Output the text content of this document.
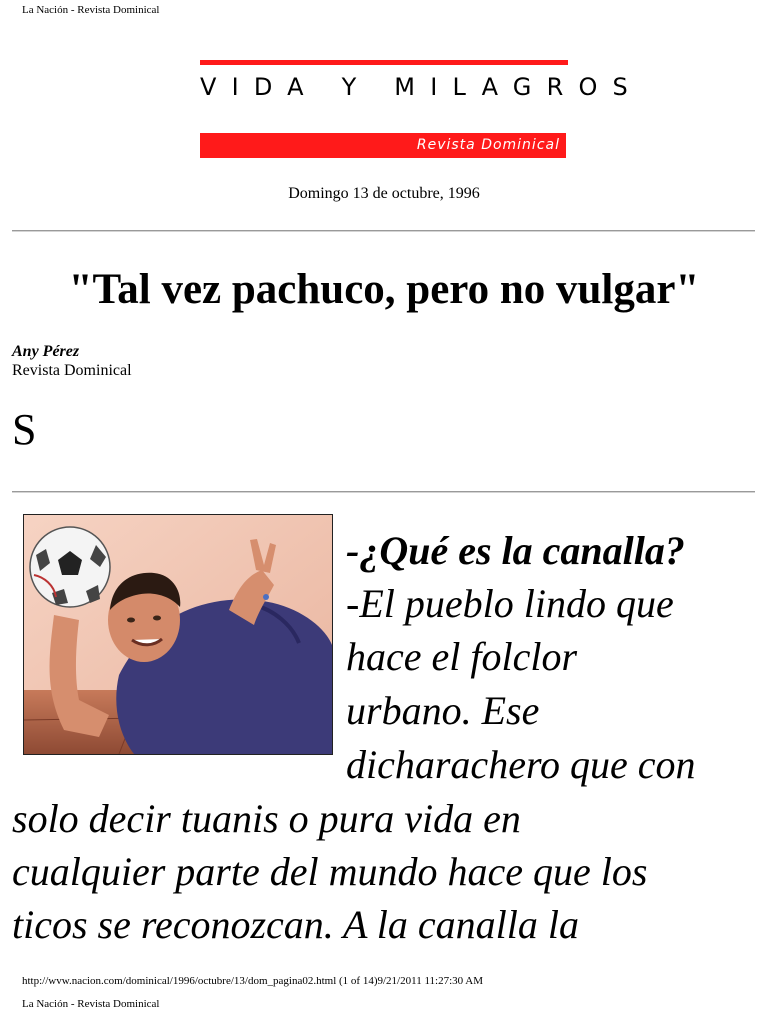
La Nación - Revista Dominical
VIDA Y MILAGROS
Revista Dominical
Domingo 13 de octubre, 1996
"Tal vez pachuco, pero no vulgar"
Any Pérez
Revista Dominical
S
-¿Qué es la canalla?
-El pueblo lindo que
hace el folclor
urbano. Ese
dicharachero que con
solo decir tuanis o pura vida en
cualquier parte del mundo hace que los
ticos se reconozcan. A la canalla la
http://wvw.nacion.com/dominical/1996/octubre/13/dom_pagina02.html (1 of 14)9/21/2011 11:27:30 AM
La Nación - Revista Dominical
